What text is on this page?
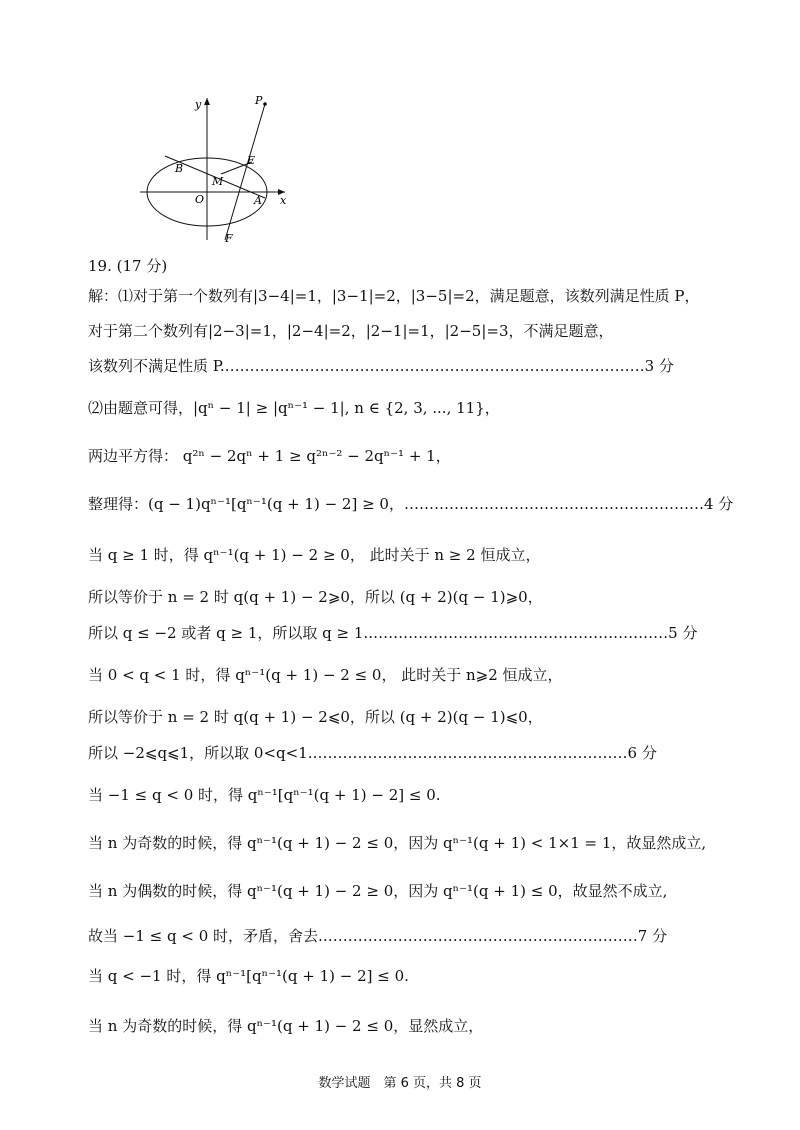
y
x
O
P
E
B
M
A
F
19. (17 分)
解：⑴对于第一个数列有|3−4|=1，|3−1|=2，|3−5|=2，满足题意，该数列满足性质 P，
对于第二个数列有|2−3|=1，|2−4|=2，|2−1|=1，|2−5|=3，不满足题意，
该数列不满足性质 P.…………………………………………………………………………3 分
⑵由题意可得，|qⁿ − 1| ≥ |qⁿ⁻¹ − 1|, n ∈ {2, 3, ..., 11}，
两边平方得： q²ⁿ − 2qⁿ + 1 ≥ q²ⁿ⁻² − 2qⁿ⁻¹ + 1，
整理得：(q − 1)qⁿ⁻¹[qⁿ⁻¹(q + 1) − 2] ≥ 0，……………………………………………………4 分
当 q ≥ 1 时，得 qⁿ⁻¹(q + 1) − 2 ≥ 0， 此时关于 n ≥ 2 恒成立，
所以等价于 n = 2 时 q(q + 1) − 2⩾0，所以 (q + 2)(q − 1)⩾0，
所以 q ≤ −2 或者 q ≥ 1，所以取 q ≥ 1.……………………………………………………5 分
当 0 < q < 1 时，得 qⁿ⁻¹(q + 1) − 2 ≤ 0， 此时关于 n⩾2 恒成立，
所以等价于 n = 2 时 q(q + 1) − 2⩽0，所以 (q + 2)(q − 1)⩽0，
所以 −2⩽q⩽1，所以取 0<q<1.………………………………………………………6 分
当 −1 ≤ q < 0 时，得 qⁿ⁻¹[qⁿ⁻¹(q + 1) − 2] ≤ 0.
当 n 为奇数的时候，得 qⁿ⁻¹(q + 1) − 2 ≤ 0，因为 qⁿ⁻¹(q + 1) < 1×1 = 1，故显然成立,
当 n 为偶数的时候，得 qⁿ⁻¹(q + 1) − 2 ≥ 0，因为 qⁿ⁻¹(q + 1) ≤ 0，故显然不成立,
故当 −1 ≤ q < 0 时，矛盾，舍去.………………………………………………………7 分
当 q < −1 时，得 qⁿ⁻¹[qⁿ⁻¹(q + 1) − 2] ≤ 0.
当 n 为奇数的时候，得 qⁿ⁻¹(q + 1) − 2 ≤ 0，显然成立，
数学试题　第 6 页，共 8 页
